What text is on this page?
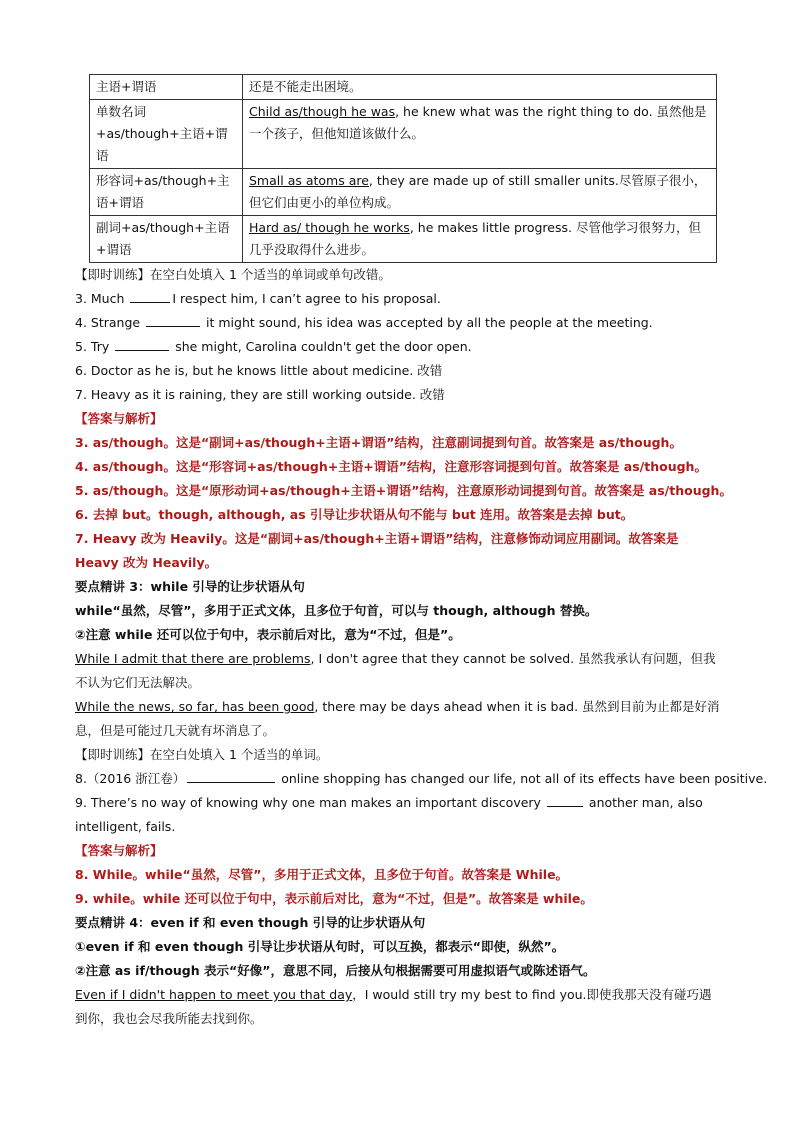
主语+谓语	还是不能走出困境。
单数名词+as/though+主语+谓语	Child as/though he was, he knew what was the right thing to do. 虽然他是一个孩子，但他知道该做什么。
形容词+as/though+主语+谓语	Small as atoms are, they are made up of still smaller units.尽管原子很小，但它们由更小的单位构成。
副词+as/though+主语+谓语	Hard as/ though he works, he makes little progress. 尽管他学习很努力，但几乎没取得什么进步。
【即时训练】在空白处填入 1 个适当的单词或单句改错。
3. Much	I respect him, I can’t agree to his proposal.
4. Strange	it might sound, his idea was accepted by all the people at the meeting.
5. Try	she might, Carolina couldn't get the door open.
6. Doctor as he is, but he knows little about medicine. 改错
7. Heavy as it is raining, they are still working outside. 改错
【答案与解析】
3. as/though。这是“副词+as/though+主语+谓语”结构，注意副词提到句首。故答案是 as/though。
4. as/though。这是“形容词+as/though+主语+谓语”结构，注意形容词提到句首。故答案是 as/though。
5. as/though。这是“原形动词+as/though+主语+谓语”结构，注意原形动词提到句首。故答案是 as/though。
6. 去掉 but。though, although, as 引导让步状语从句不能与 but 连用。故答案是去掉 but。
7. Heavy 改为 Heavily。这是“副词+as/though+主语+谓语”结构，注意修饰动词应用副词。故答案是 Heavy 改为 Heavily。
要点精讲 3：while 引导的让步状语从句
while“虽然，尽管”，多用于正式文体，且多位于句首，可以与 though, although 替换。
②注意 while 还可以位于句中，表示前后对比，意为“不过，但是”。
While I admit that there are problems, I don't agree that they cannot be solved. 虽然我承认有问题，但我不认为它们无法解决。
While the news, so far, has been good, there may be days ahead when it is bad. 虽然到目前为止都是好消息，但是可能过几天就有坏消息了。
【即时训练】在空白处填入 1 个适当的单词。
8.（2016 浙江卷）	online shopping has changed our life, not all of its effects have been positive.
9. There’s no way of knowing why one man makes an important discovery	another man, also intelligent, fails.
【答案与解析】
8. While。while“虽然，尽管”，多用于正式文体，且多位于句首。故答案是 While。
9. while。while 还可以位于句中，表示前后对比，意为“不过，但是”。故答案是 while。
要点精讲 4：even if 和 even though 引导的让步状语从句
①even if 和 even though 引导让步状语从句时，可以互换，都表示“即使，纵然”。
②注意 as if/though 表示“好像”，意思不同，后接从句根据需要可用虚拟语气或陈述语气。
Even if I didn't happen to meet you that day，I would still try my best to find you.即使我那天没有碰巧遇到你，我也会尽我所能去找到你。
